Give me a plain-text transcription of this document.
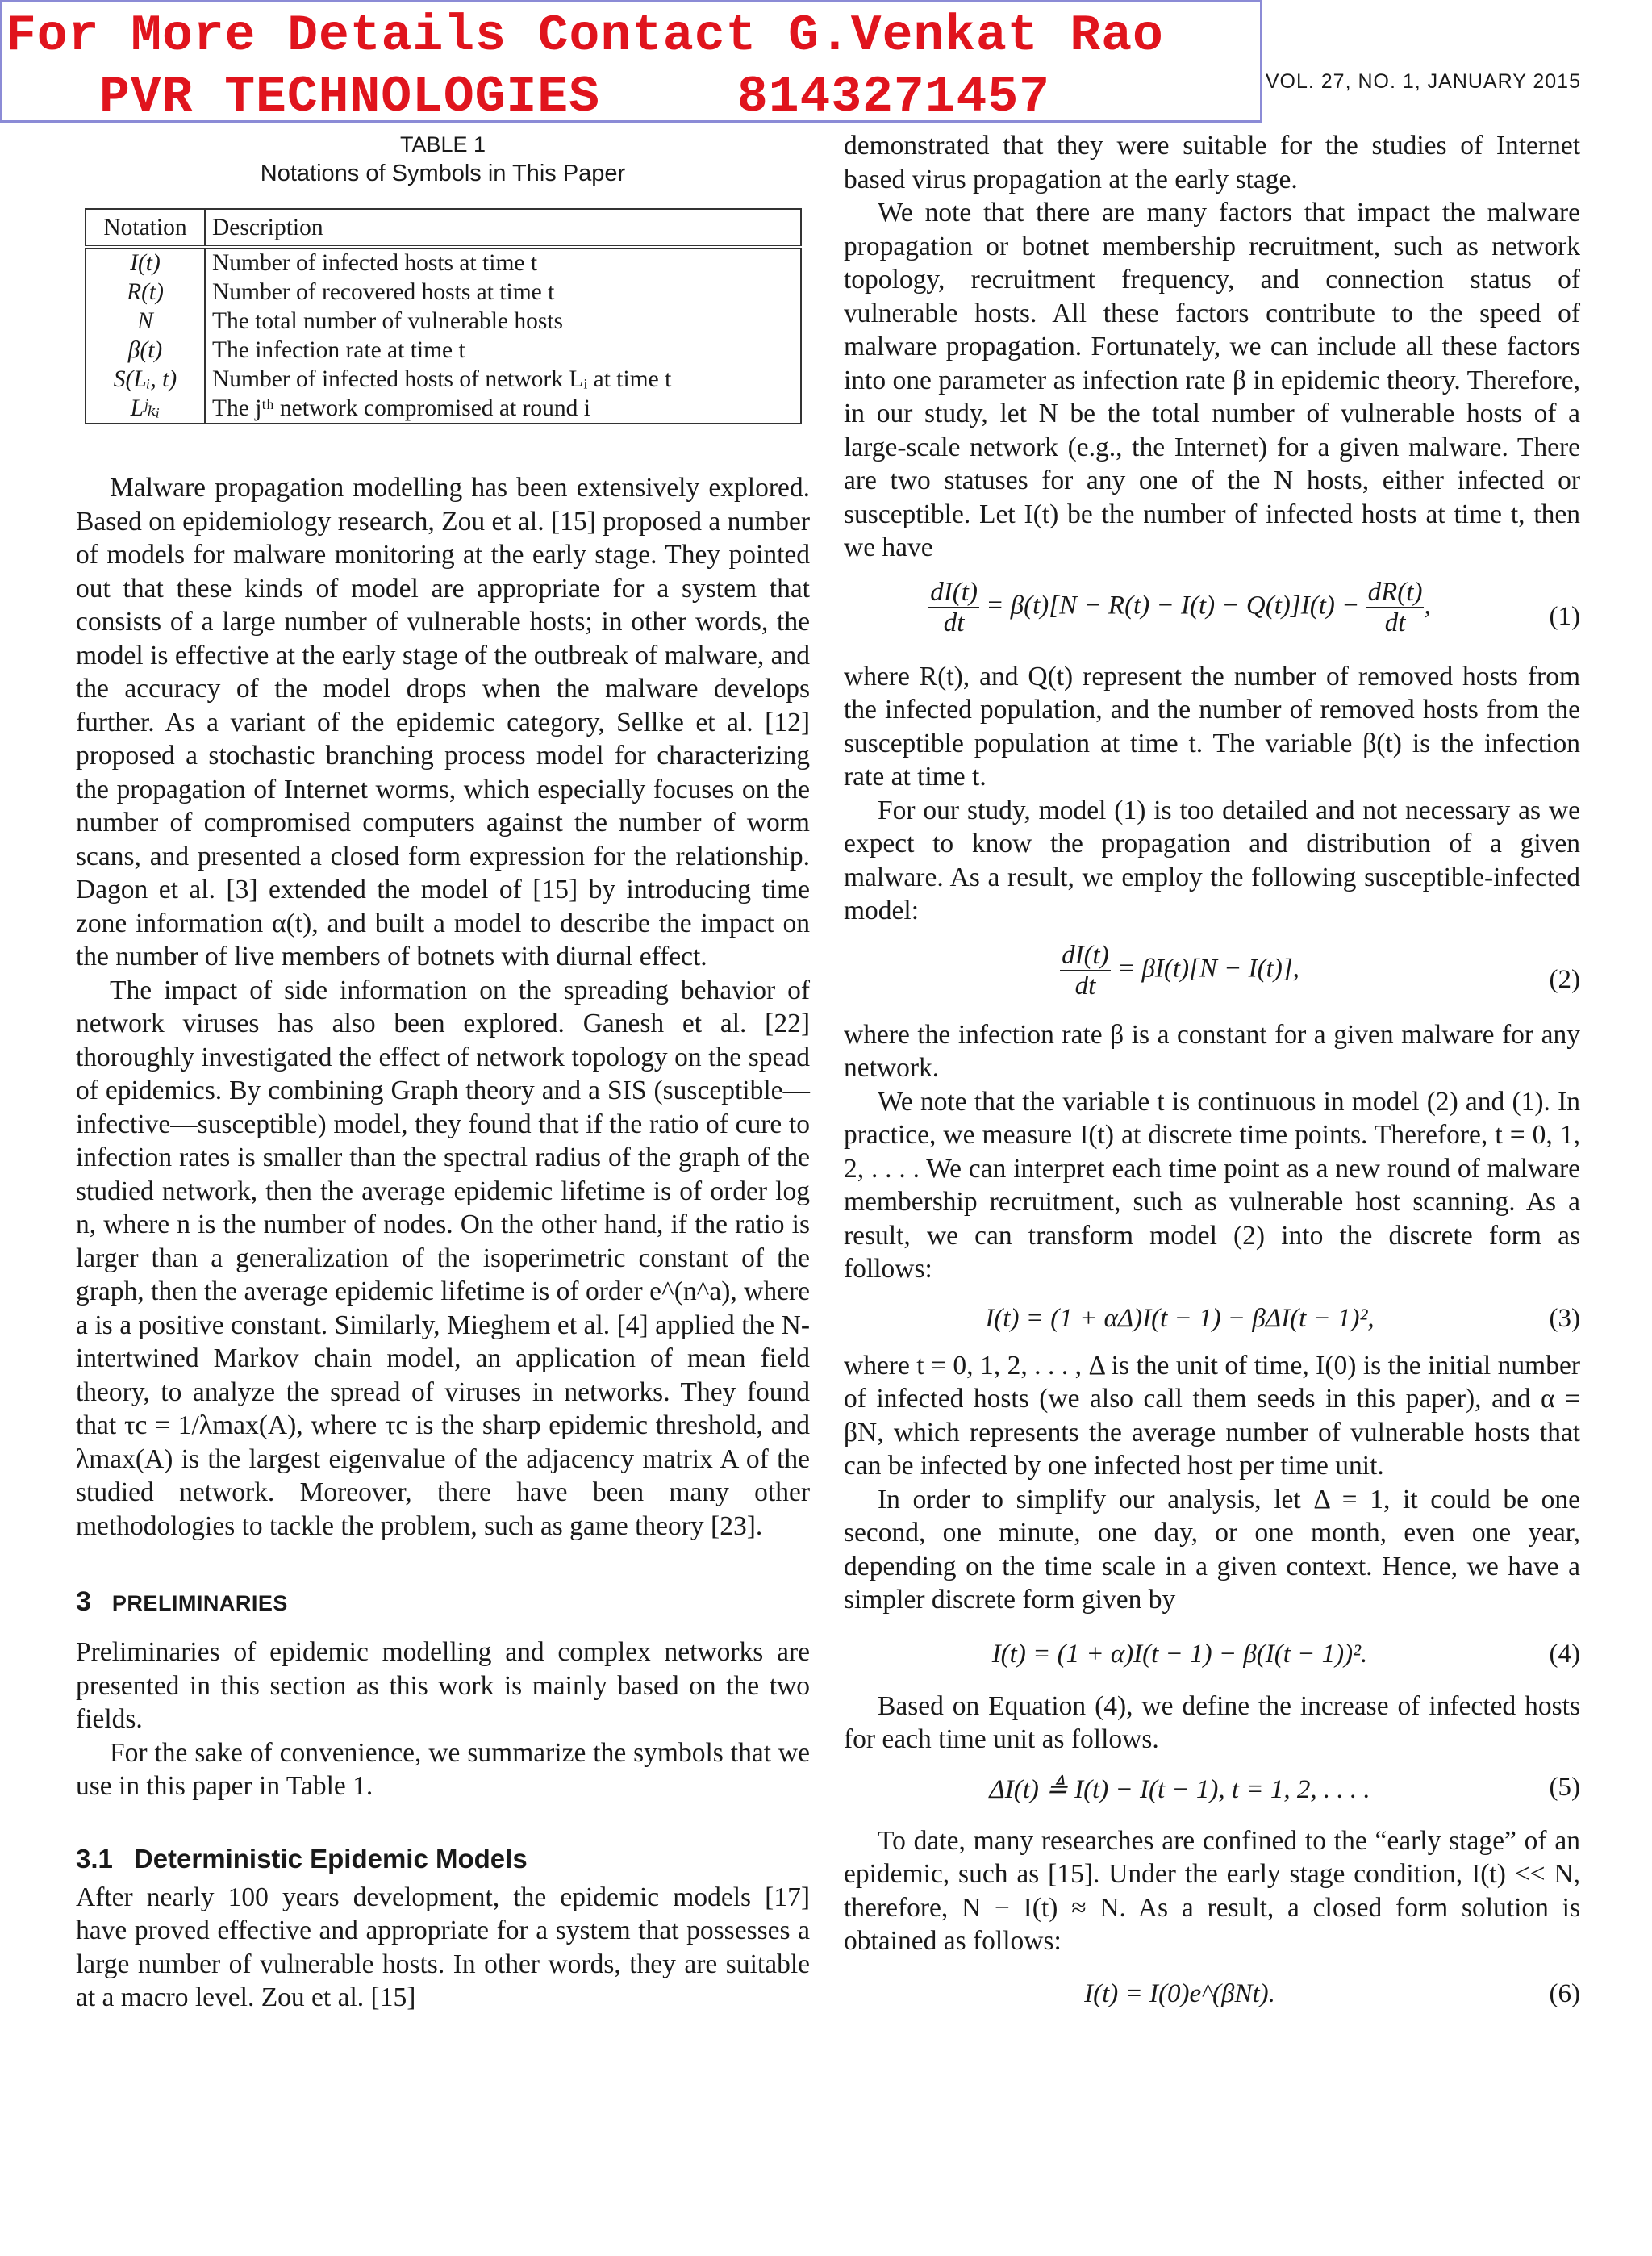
VOL. 27, NO. 1, JANUARY 2015
For More Details Contact G.Venkat Rao
PVR TECHNOLOGIES	8143271457
TABLE 1
Notations of Symbols in This Paper
Notation	Description
I(t)	Number of infected hosts at time t
R(t)	Number of recovered hosts at time t
N	The total number of vulnerable hosts
β(t)	The infection rate at time t
S(Lᵢ, t)	Number of infected hosts of network Lᵢ at time t
Lʲₖᵢ	The jᵗʰ network compromised at round i

Malware propagation modelling has been extensively explored. Based on epidemiology research, Zou et al. [15] proposed a number of models for malware monitoring at the early stage. They pointed out that these kinds of model are appropriate for a system that consists of a large number of vulnerable hosts; in other words, the model is effective at the early stage of the outbreak of malware, and the accuracy of the model drops when the malware develops further. As a variant of the epidemic category, Sellke et al. [12] proposed a stochastic branching process model for characterizing the propagation of Internet worms, which especially focuses on the number of compromised computers against the number of worm scans, and presented a closed form expression for the relationship. Dagon et al. [3] extended the model of [15] by introducing time zone information α(t), and built a model to describe the impact on the number of live members of botnets with diurnal effect.

The impact of side information on the spreading behavior of network viruses has also been explored. Ganesh et al. [22] thoroughly investigated the effect of network topology on the spead of epidemics. By combining Graph theory and a SIS (susceptible—infective—susceptible) model, they found that if the ratio of cure to infection rates is smaller than the spectral radius of the graph of the studied network, then the average epidemic lifetime is of order log n, where n is the number of nodes. On the other hand, if the ratio is larger than a generalization of the isoperimetric constant of the graph, then the average epidemic lifetime is of order e^(n^a), where a is a positive constant. Similarly, Mieghem et al. [4] applied the N-intertwined Markov chain model, an application of mean field theory, to analyze the spread of viruses in networks. They found that τc = 1/λmax(A), where τc is the sharp epidemic threshold, and λmax(A) is the largest eigenvalue of the adjacency matrix A of the studied network. Moreover, there have been many other methodologies to tackle the problem, such as game theory [23].

3 PRELIMINARIES

Preliminaries of epidemic modelling and complex networks are presented in this section as this work is mainly based on the two fields.

For the sake of convenience, we summarize the symbols that we use in this paper in Table 1.

3.1 Deterministic Epidemic Models

After nearly 100 years development, the epidemic models [17] have proved effective and appropriate for a system that possesses a large number of vulnerable hosts. In other words, they are suitable at a macro level. Zou et al. [15]

demonstrated that they were suitable for the studies of Internet based virus propagation at the early stage.

We note that there are many factors that impact the malware propagation or botnet membership recruitment, such as network topology, recruitment frequency, and connection status of vulnerable hosts. All these factors contribute to the speed of malware propagation. Fortunately, we can include all these factors into one parameter as infection rate β in epidemic theory. Therefore, in our study, let N be the total number of vulnerable hosts of a large-scale network (e.g., the Internet) for a given malware. There are two statuses for any one of the N hosts, either infected or susceptible. Let I(t) be the number of infected hosts at time t, then we have

$\frac{dI(t)}{dt} = \beta(t)[N - R(t) - I(t) - Q(t)]I(t) - \frac{dR(t)}{dt}$ ,	(1)

where R(t), and Q(t) represent the number of removed hosts from the infected population, and the number of removed hosts from the susceptible population at time t. The variable β(t) is the infection rate at time t.

For our study, model (1) is too detailed and not necessary as we expect to know the propagation and distribution of a given malware. As a result, we employ the following susceptible-infected model:

$\frac{dI(t)}{dt} = \beta I(t)[N - I(t)]$,	(2)

where the infection rate β is a constant for a given malware for any network.

We note that the variable t is continuous in model (2) and (1). In practice, we measure I(t) at discrete time points. Therefore, t = 0, 1, 2, . . . . We can interpret each time point as a new round of malware membership recruitment, such as vulnerable host scanning. As a result, we can transform model (2) into the discrete form as follows:

I(t) = (1 + αΔ)I(t − 1) − βΔI(t − 1)²,	(3)

where t = 0, 1, 2, . . . , Δ is the unit of time, I(0) is the initial number of infected hosts (we also call them seeds in this paper), and α = βN, which represents the average number of vulnerable hosts that can be infected by one infected host per time unit.

In order to simplify our analysis, let Δ = 1, it could be one second, one minute, one day, or one month, even one year, depending on the time scale in a given context. Hence, we have a simpler discrete form given by

I(t) = (1 + α)I(t − 1) − β(I(t − 1))².	(4)

Based on Equation (4), we define the increase of infected hosts for each time unit as follows.

ΔI(t) ≜ I(t) − I(t − 1), t = 1, 2, . . . .	(5)

To date, many researches are confined to the “early stage” of an epidemic, such as [15]. Under the early stage condition, I(t) << N, therefore, N − I(t) ≈ N. As a result, a closed form solution is obtained as follows:

I(t) = I(0)e^(βNt).	(6)
